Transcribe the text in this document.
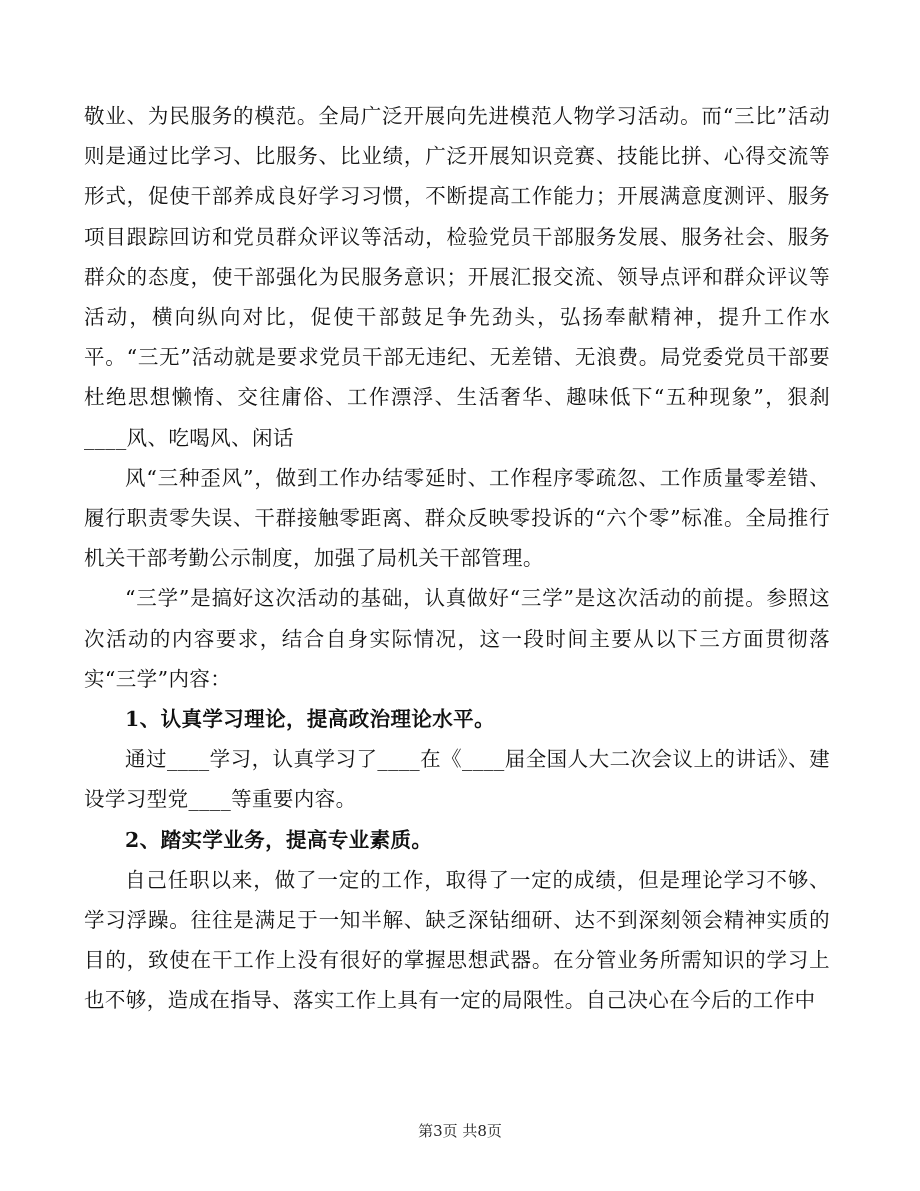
敬业、为民服务的模范。全局广泛开展向先进模范人物学习活动。而“三比”活动则是通过比学习、比服务、比业绩，广泛开展知识竞赛、技能比拼、心得交流等形式，促使干部养成良好学习习惯，不断提高工作能力；开展满意度测评、服务项目跟踪回访和党员群众评议等活动，检验党员干部服务发展、服务社会、服务群众的态度，使干部强化为民服务意识；开展汇报交流、领导点评和群众评议等活动，横向纵向对比，促使干部鼓足争先劲头，弘扬奉献精神，提升工作水平。“三无”活动就是要求党员干部无违纪、无差错、无浪费。局党委党员干部要杜绝思想懒惰、交往庸俗、工作漂浮、生活奢华、趣味低下“五种现象”，狠刹____风、吃喝风、闲话

风“三种歪风”，做到工作办结零延时、工作程序零疏忽、工作质量零差错、履行职责零失误、干群接触零距离、群众反映零投诉的“六个零”标准。全局推行机关干部考勤公示制度，加强了局机关干部管理。

“三学”是搞好这次活动的基础，认真做好“三学”是这次活动的前提。参照这次活动的内容要求，结合自身实际情况，这一段时间主要从以下三方面贯彻落实“三学”内容：

1、认真学习理论，提高政治理论水平。

通过____学习，认真学习了____在《____届全国人大二次会议上的讲话》、建设学习型党____等重要内容。

2、踏实学业务，提高专业素质。

自己任职以来，做了一定的工作，取得了一定的成绩，但是理论学习不够、学习浮躁。往往是满足于一知半解、缺乏深钻细研、达不到深刻领会精神实质的目的，致使在干工作上没有很好的掌握思想武器。在分管业务所需知识的学习上也不够，造成在指导、落实工作上具有一定的局限性。自己决心在今后的工作中

第3页 共8页
